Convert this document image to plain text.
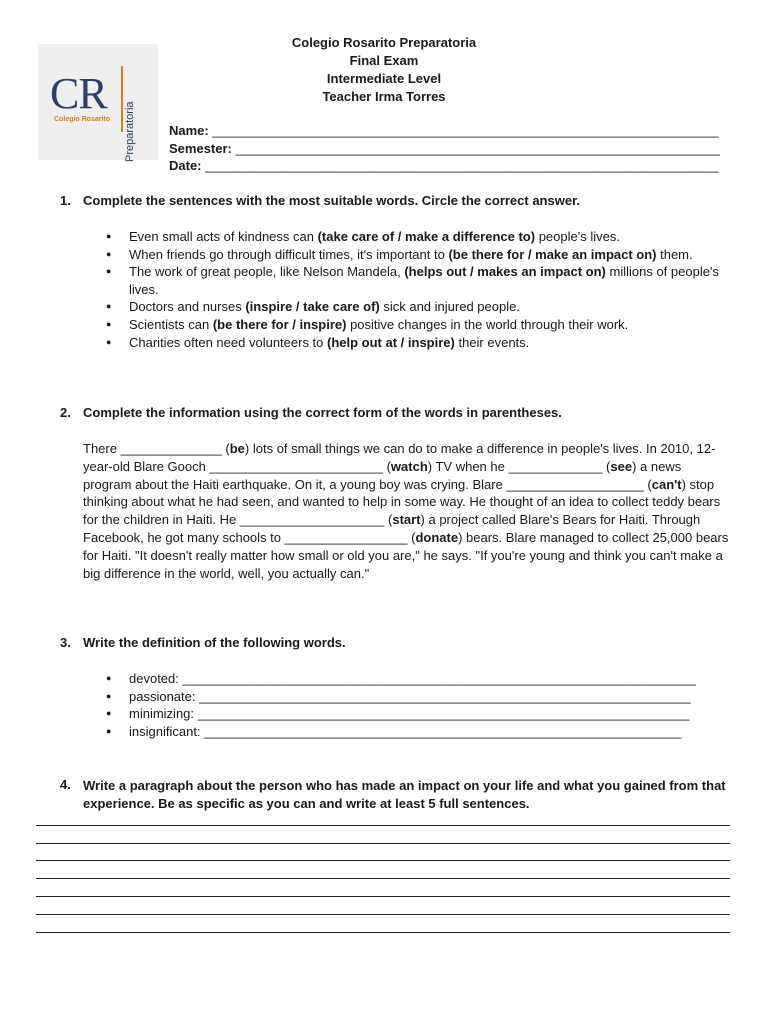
CR
Colegio Rosarito Preparatoria
Colegio Rosarito Preparatoria
Final Exam
Intermediate Level
Teacher Irma Torres
Name: ______________________________________________________________________
Semester: ___________________________________________________________________
Date: _______________________________________________________________________
1. Complete the sentences with the most suitable words. Circle the correct answer.
● Even small acts of kindness can (take care of / make a difference to) people's lives.
● When friends go through difficult times, it's important to (be there for / make an impact on) them.
● The work of great people, like Nelson Mandela, (helps out / makes an impact on) millions of people's lives.
● Doctors and nurses (inspire / take care of) sick and injured people.
● Scientists can (be there for / inspire) positive changes in the world through their work.
● Charities often need volunteers to (help out at / inspire) their events.
2. Complete the information using the correct form of the words in parentheses.
There ______________ (be) lots of small things we can do to make a difference in people's lives. In 2010, 12-year-old Blare Gooch ________________________ (watch) TV when he _____________ (see) a news program about the Haiti earthquake. On it, a young boy was crying. Blare ___________________ (can't) stop thinking about what he had seen, and wanted to help in some way. He thought of an idea to collect teddy bears for the children in Haiti. He ____________________ (start) a project called Blare's Bears for Haiti. Through Facebook, he got many schools to _________________ (donate) bears. Blare managed to collect 25,000 bears for Haiti. "It doesn't really matter how small or old you are," he says. "If you're young and think you can't make a big difference in the world, well, you actually can."
3. Write the definition of the following words.
● devoted: _______________________________________________________________________
● passionate: ____________________________________________________________________
● minimizing: ____________________________________________________________________
● insignificant: __________________________________________________________________
4. Write a paragraph about the person who has made an impact on your life and what you gained from that experience. Be as specific as you can and write at least 5 full sentences.
